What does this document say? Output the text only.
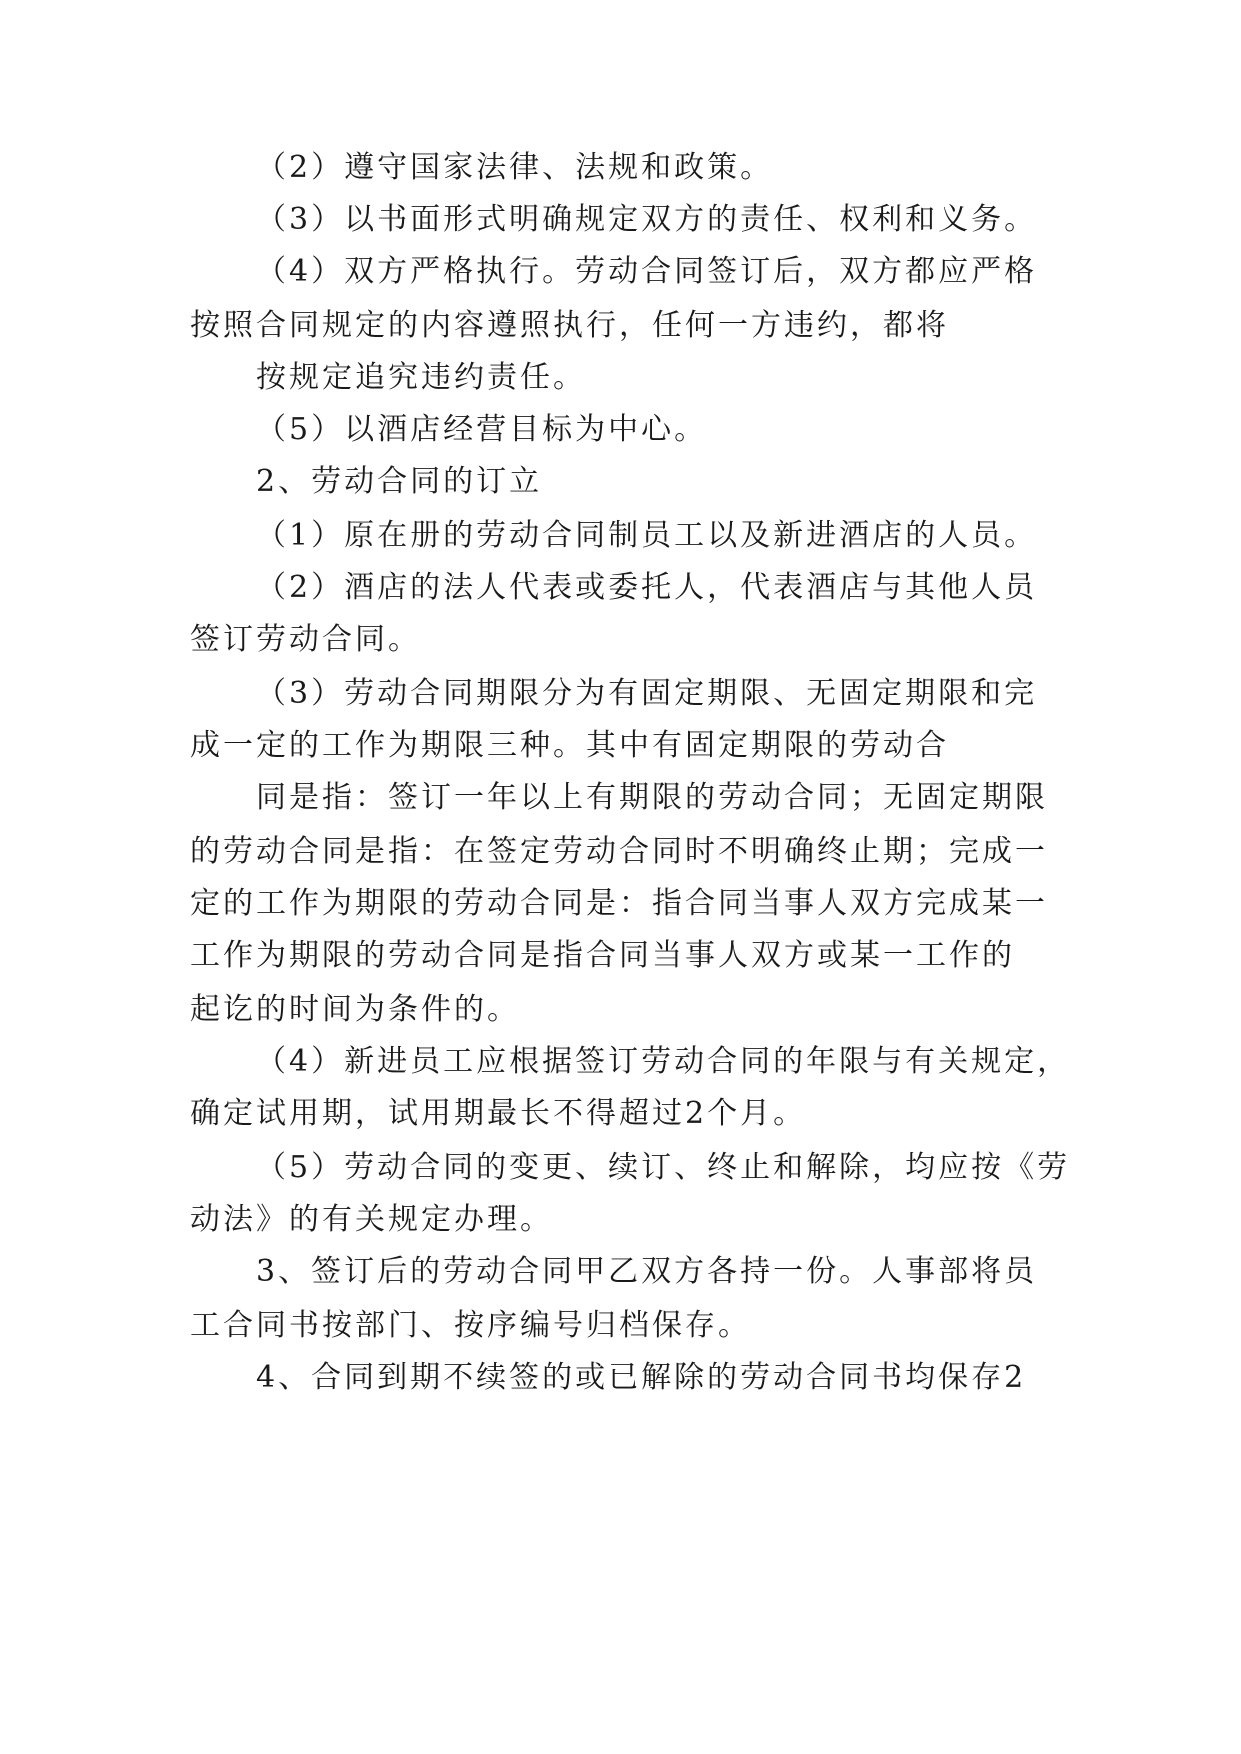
（2）遵守国家法律、法规和政策。
（3）以书面形式明确规定双方的责任、权利和义务。
（4）双方严格执行。劳动合同签订后，双方都应严格
按照合同规定的内容遵照执行，任何一方违约，都将
按规定追究违约责任。
（5）以酒店经营目标为中心。
2、劳动合同的订立
（1）原在册的劳动合同制员工以及新进酒店的人员。
（2）酒店的法人代表或委托人，代表酒店与其他人员
签订劳动合同。
（3）劳动合同期限分为有固定期限、无固定期限和完
成一定的工作为期限三种。其中有固定期限的劳动合
同是指：签订一年以上有期限的劳动合同；无固定期限
的劳动合同是指：在签定劳动合同时不明确终止期；完成一
定的工作为期限的劳动合同是：指合同当事人双方完成某一
工作为期限的劳动合同是指合同当事人双方或某一工作的
起讫的时间为条件的。
（4）新进员工应根据签订劳动合同的年限与有关规定，
确定试用期，试用期最长不得超过2个月。
（5）劳动合同的变更、续订、终止和解除，均应按《劳
动法》的有关规定办理。
3、签订后的劳动合同甲乙双方各持一份。人事部将员
工合同书按部门、按序编号归档保存。
4、合同到期不续签的或已解除的劳动合同书均保存2
